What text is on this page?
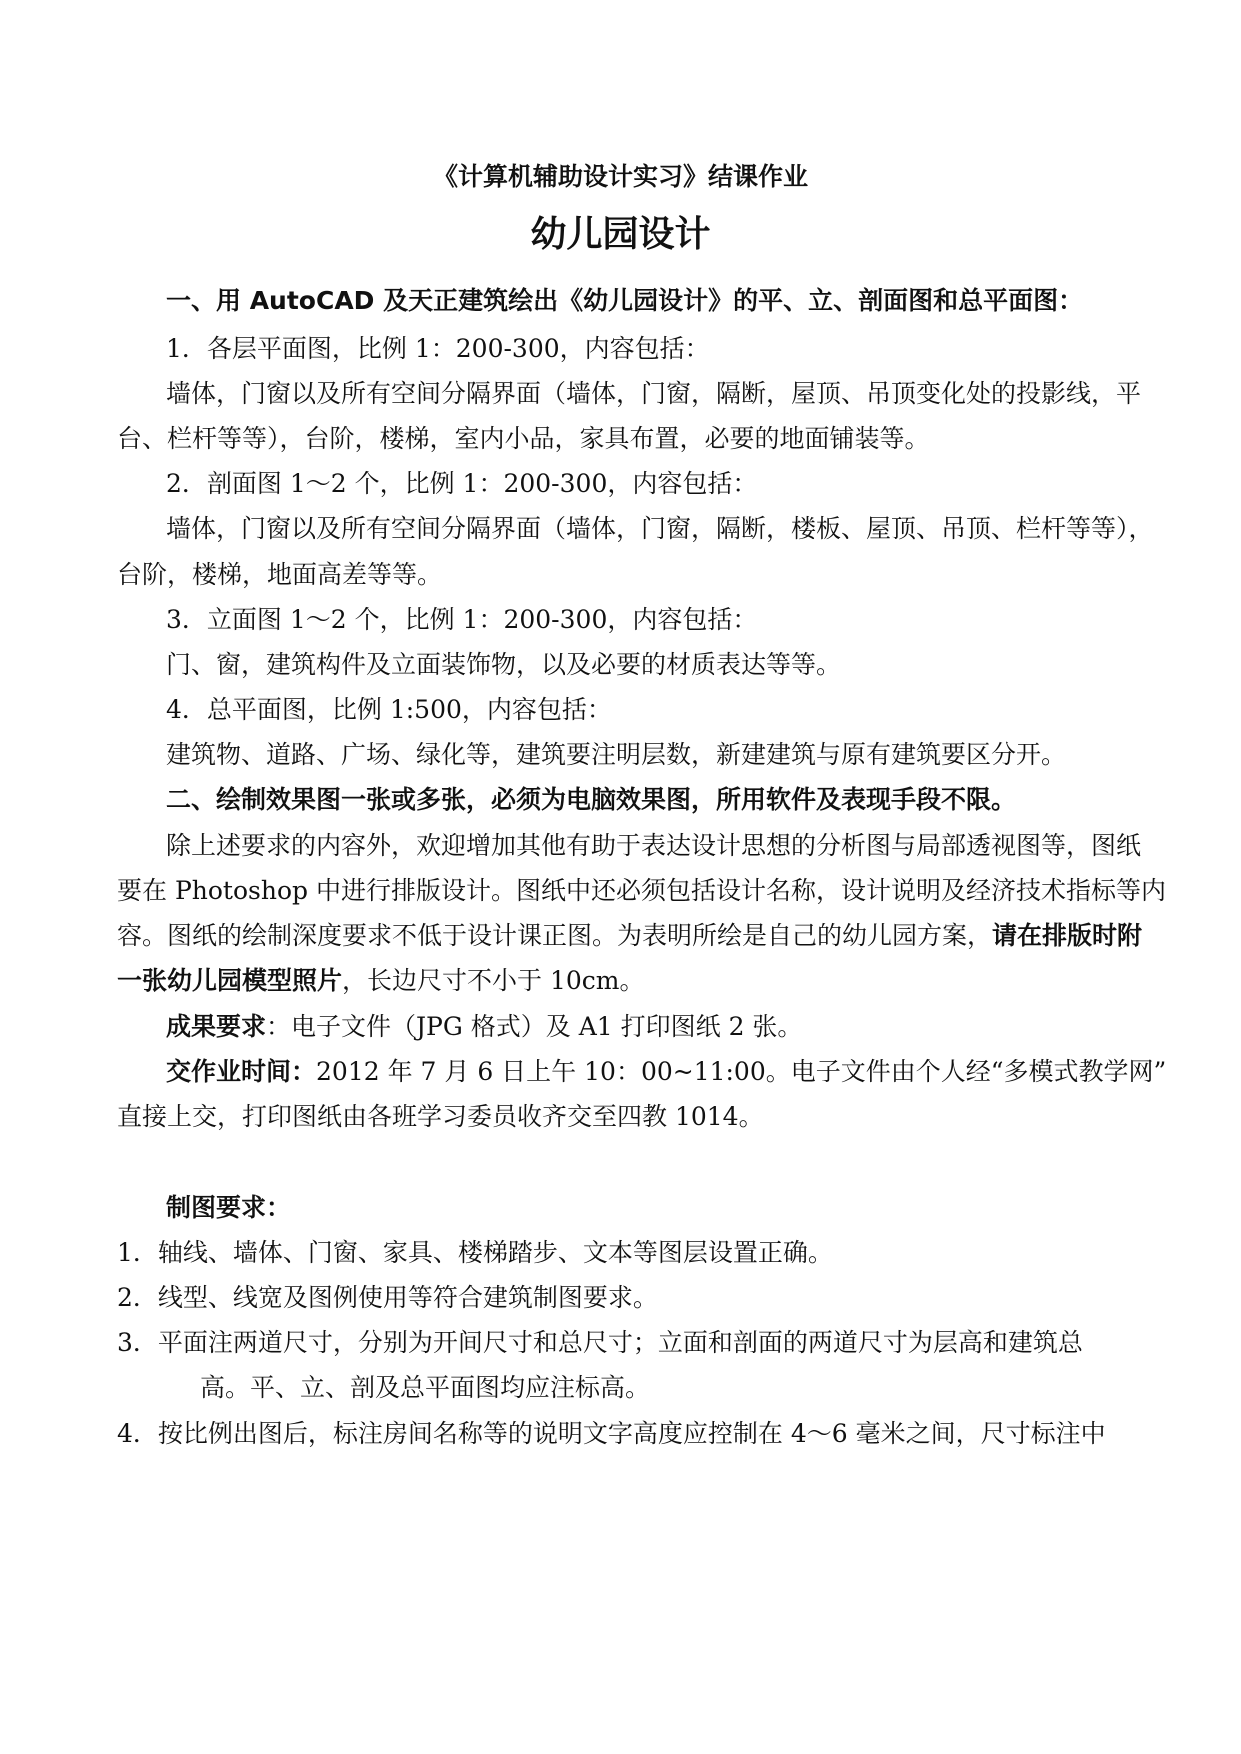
《计算机辅助设计实习》结课作业
幼儿园设计
一、用 AutoCAD 及天正建筑绘出《幼儿园设计》的平、立、剖面图和总平面图：
1．各层平面图，比例 1：200-300，内容包括：
墙体，门窗以及所有空间分隔界面（墙体，门窗，隔断，屋顶、吊顶变化处的投影线，平
台、栏杆等等），台阶，楼梯，室内小品，家具布置，必要的地面铺装等。
2．剖面图 1～2 个，比例 1：200-300，内容包括：
墙体，门窗以及所有空间分隔界面（墙体，门窗，隔断，楼板、屋顶、吊顶、栏杆等等），
台阶，楼梯，地面高差等等。
3．立面图 1～2 个，比例 1：200-300，内容包括：
门、窗，建筑构件及立面装饰物，以及必要的材质表达等等。
4．总平面图，比例 1:500，内容包括：
建筑物、道路、广场、绿化等，建筑要注明层数，新建建筑与原有建筑要区分开。
二、绘制效果图一张或多张，必须为电脑效果图，所用软件及表现手段不限。
除上述要求的内容外，欢迎增加其他有助于表达设计思想的分析图与局部透视图等，图纸
要在 Photoshop 中进行排版设计。图纸中还必须包括设计名称，设计说明及经济技术指标等内
容。图纸的绘制深度要求不低于设计课正图。为表明所绘是自己的幼儿园方案，请在排版时附
一张幼儿园模型照片，长边尺寸不小于 10cm。
成果要求：电子文件（JPG 格式）及 A1 打印图纸 2 张。
交作业时间：2012 年 7 月 6 日上午 10：00~11:00。电子文件由个人经“多模式教学网”
直接上交，打印图纸由各班学习委员收齐交至四教 1014。
制图要求：
1．轴线、墙体、门窗、家具、楼梯踏步、文本等图层设置正确。
2．线型、线宽及图例使用等符合建筑制图要求。
3．平面注两道尺寸，分别为开间尺寸和总尺寸；立面和剖面的两道尺寸为层高和建筑总
高。平、立、剖及总平面图均应注标高。
4．按比例出图后，标注房间名称等的说明文字高度应控制在 4～6 毫米之间，尺寸标注中
